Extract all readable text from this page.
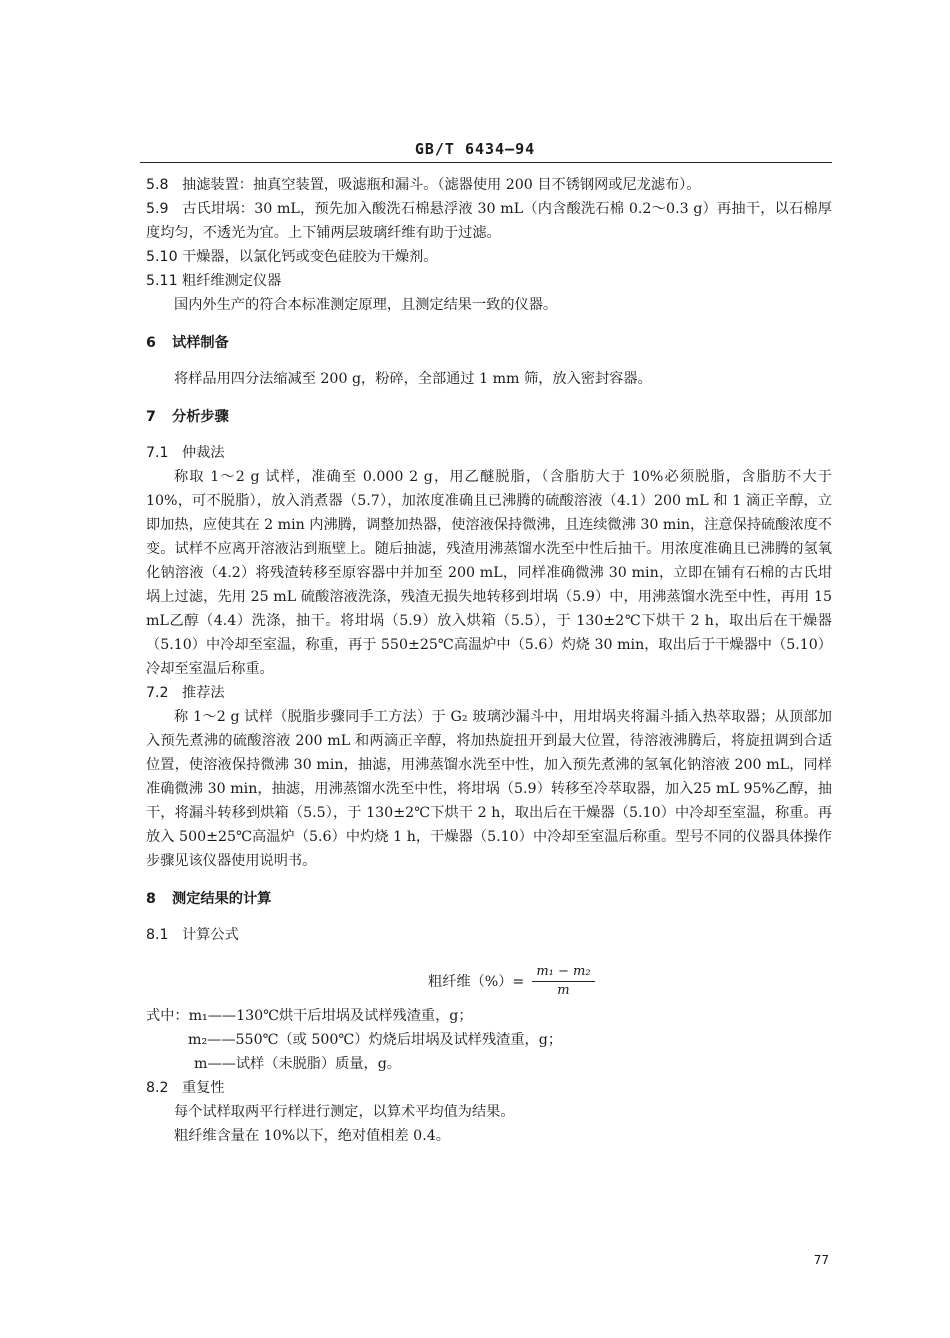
GB/T 6434—94

5.8 抽滤装置：抽真空装置，吸滤瓶和漏斗。（滤器使用 200 目不锈钢网或尼龙滤布）。

5.9 古氏坩埚：30 mL，预先加入酸洗石棉悬浮液 30 mL（内含酸洗石棉 0.2～0.3 g）再抽干，以石棉厚度均匀，不透光为宜。上下铺两层玻璃纤维有助于过滤。

5.10 干燥器，以氯化钙或变色硅胶为干燥剂。

5.11 粗纤维测定仪器

国内外生产的符合本标准测定原理，且测定结果一致的仪器。

6 试样制备

将样品用四分法缩减至 200 g，粉碎，全部通过 1 mm 筛，放入密封容器。

7 分析步骤

7.1 仲裁法

称取 1～2 g 试样，准确至 0.000 2 g，用乙醚脱脂，（含脂肪大于 10%必须脱脂，含脂肪不大于 10%，可不脱脂），放入消煮器（5.7），加浓度准确且已沸腾的硫酸溶液（4.1）200 mL 和 1 滴正辛醇，立即加热，应使其在 2 min 内沸腾，调整加热器，使溶液保持微沸，且连续微沸 30 min，注意保持硫酸浓度不变。试样不应离开溶液沾到瓶壁上。随后抽滤，残渣用沸蒸馏水洗至中性后抽干。用浓度准确且已沸腾的氢氧化钠溶液（4.2）将残渣转移至原容器中并加至 200 mL，同样准确微沸 30 min，立即在铺有石棉的古氏坩埚上过滤，先用 25 mL 硫酸溶液洗涤，残渣无损失地转移到坩埚（5.9）中，用沸蒸馏水洗至中性，再用 15 mL乙醇（4.4）洗涤，抽干。将坩埚（5.9）放入烘箱（5.5），于 130±2℃下烘干 2 h，取出后在干燥器（5.10）中冷却至室温，称重，再于 550±25℃高温炉中（5.6）灼烧 30 min，取出后于干燥器中（5.10）冷却至室温后称重。

7.2 推荐法

称 1～2 g 试样（脱脂步骤同手工方法）于 G₂ 玻璃沙漏斗中，用坩埚夹将漏斗插入热萃取器；从顶部加入预先煮沸的硫酸溶液 200 mL 和两滴正辛醇，将加热旋扭开到最大位置，待溶液沸腾后，将旋扭调到合适位置，使溶液保持微沸 30 min，抽滤，用沸蒸馏水洗至中性，加入预先煮沸的氢氧化钠溶液 200 mL，同样准确微沸 30 min，抽滤，用沸蒸馏水洗至中性，将坩埚（5.9）转移至冷萃取器，加入25 mL 95%乙醇，抽干，将漏斗转移到烘箱（5.5），于 130±2℃下烘干 2 h，取出后在干燥器（5.10）中冷却至室温，称重。再放入 500±25℃高温炉（5.6）中灼烧 1 h，干燥器（5.10）中冷却至室温后称重。型号不同的仪器具体操作步骤见该仪器使用说明书。

8 测定结果的计算

8.1 计算公式

粗纤维（%）= $\frac{\text{m₁ − m₂}}{m}$

式中：m₁——130℃烘干后坩埚及试样残渣重，g；

m₂——550℃（或 500℃）灼烧后坩埚及试样残渣重，g；

m——试样（未脱脂）质量，g。

8.2 重复性

每个试样取两平行样进行测定，以算术平均值为结果。

粗纤维含量在 10%以下，绝对值相差 0.4。

77
